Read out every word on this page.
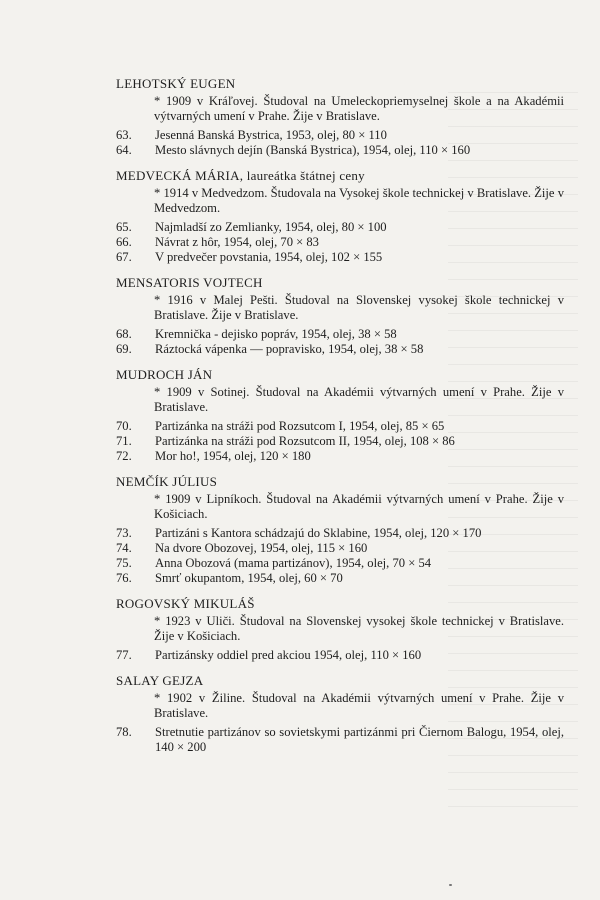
LEHOTSKÝ EUGEN
* 1909 v Kráľovej. Študoval na Umeleckopriemyselnej škole a na Akadémii výtvarných umení v Prahe. Žije v Bratislave.
63.	Jesenná Banská Bystrica, 1953, olej, 80 × 110
64.	Mesto slávnych dejín (Banská Bystrica), 1954, olej, 110 × 160
MEDVECKÁ MÁRIA, laureátka štátnej ceny
* 1914 v Medvedzom. Študovala na Vysokej škole technickej v Bratislave. Žije v Medvedzom.
65.	Najmladší zo Zemlianky, 1954, olej, 80 × 100
66.	Návrat z hôr, 1954, olej, 70 × 83
67.	V predvečer povstania, 1954, olej, 102 × 155
MENSATORIS VOJTECH
* 1916 v Malej Pešti. Študoval na Slovenskej vysokej škole technickej v Bratislave. Žije v Bratislave.
68.	Kremnička - dejisko popráv, 1954, olej, 38 × 58
69.	Ráztocká vápenka — popravisko, 1954, olej, 38 × 58
MUDROCH JÁN
* 1909 v Sotinej. Študoval na Akadémii výtvarných umení v Prahe. Žije v Bratislave.
70.	Partizánka na stráži pod Rozsutcom I, 1954, olej, 85 × 65
71.	Partizánka na stráži pod Rozsutcom II, 1954, olej, 108 × 86
72.	Mor ho!, 1954, olej, 120 × 180
NEMČÍK JÚLIUS
* 1909 v Lipníkoch. Študoval na Akadémii výtvarných umení v Prahe. Žije v Košiciach.
73.	Partizáni s Kantora schádzajú do Sklabine, 1954, olej, 120 × 170
74.	Na dvore Obozovej, 1954, olej, 115 × 160
75.	Anna Obozová (mama partizánov), 1954, olej, 70 × 54
76.	Smrť okupantom, 1954, olej, 60 × 70
ROGOVSKÝ MIKULÁŠ
* 1923 v Uliči. Študoval na Slovenskej vysokej škole technickej v Bratislave. Žije v Košiciach.
77.	Partizánsky oddiel pred akciou 1954, olej, 110 × 160
SALAY GEJZA
* 1902 v Žiline. Študoval na Akadémii výtvarných umení v Prahe. Žije v Bratislave.
78.	Stretnutie partizánov so sovietskymi partizánmi pri Čiernom Balogu, 1954, olej, 140 × 200
